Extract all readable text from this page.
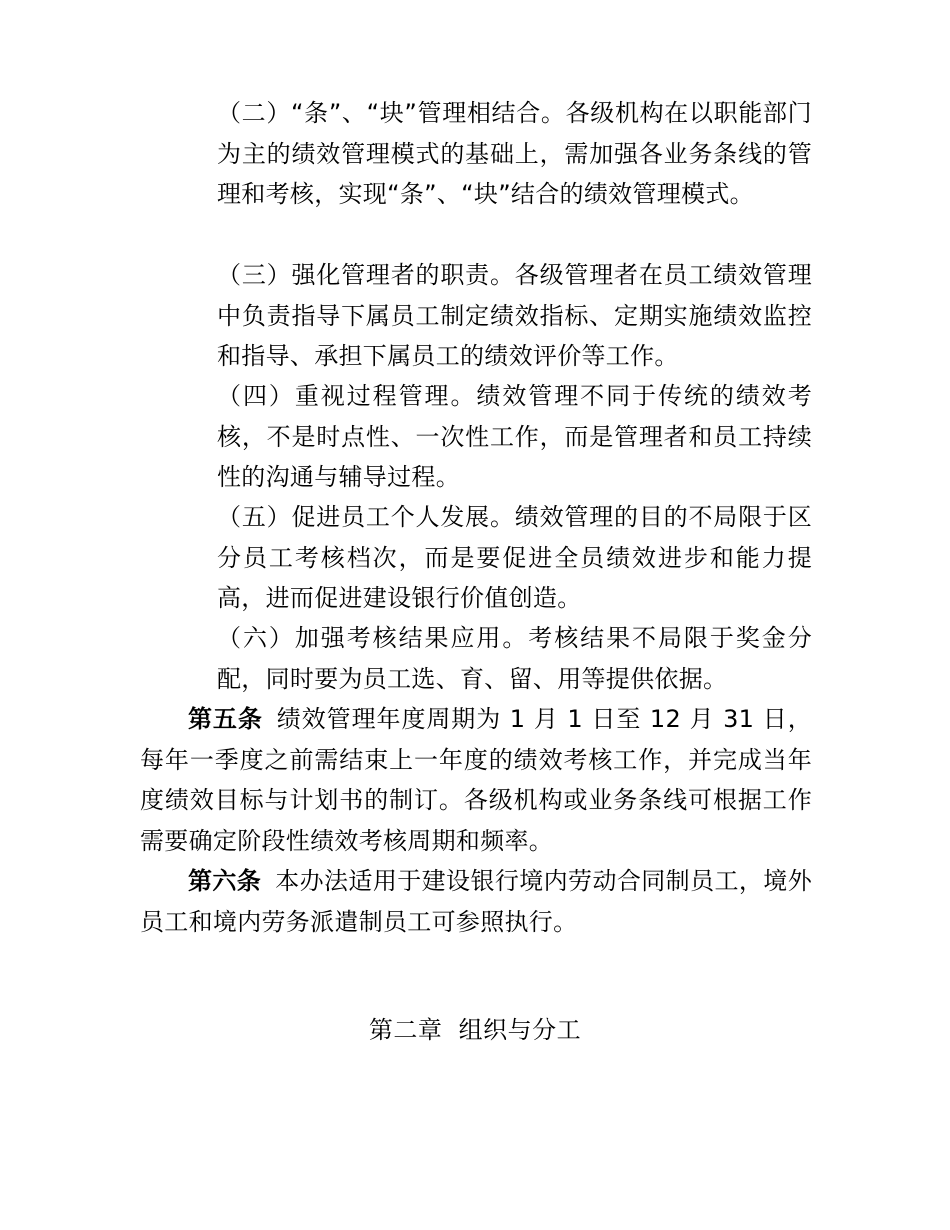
（二）“条”、“块”管理相结合。各级机构在以职能部门为主的绩效管理模式的基础上，需加强各业务条线的管理和考核，实现“条”、“块”结合的绩效管理模式。

（三）强化管理者的职责。各级管理者在员工绩效管理中负责指导下属员工制定绩效指标、定期实施绩效监控和指导、承担下属员工的绩效评价等工作。

（四）重视过程管理。绩效管理不同于传统的绩效考核，不是时点性、一次性工作，而是管理者和员工持续性的沟通与辅导过程。

（五）促进员工个人发展。绩效管理的目的不局限于区分员工考核档次，而是要促进全员绩效进步和能力提高，进而促进建设银行价值创造。

（六）加强考核结果应用。考核结果不局限于奖金分配，同时要为员工选、育、留、用等提供依据。

第五条 绩效管理年度周期为 1 月 1 日至 12 月 31 日，每年一季度之前需结束上一年度的绩效考核工作，并完成当年度绩效目标与计划书的制订。各级机构或业务条线可根据工作需要确定阶段性绩效考核周期和频率。

第六条 本办法适用于建设银行境内劳动合同制员工，境外员工和境内劳务派遣制员工可参照执行。

第二章  组织与分工
